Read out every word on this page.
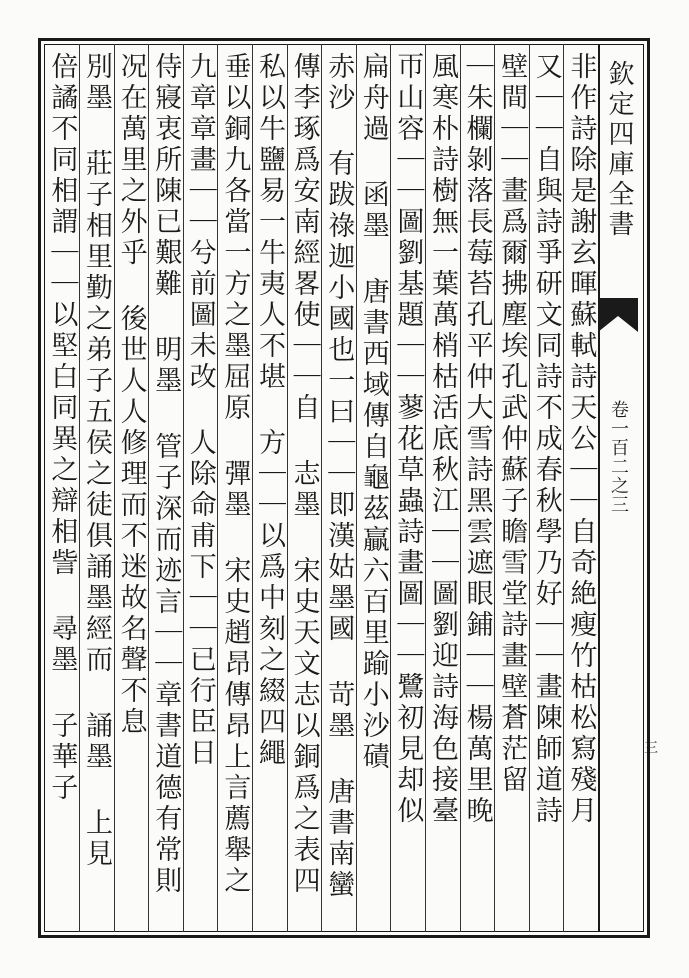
欽定四庫全書
卷一百二之三
三
非作詩除是謝玄暉蘇軾詩天公｜｜自奇絶瘦竹枯松寫殘月
又｜｜自與詩爭研文同詩不成春秋學乃好｜｜畫陳師道詩
壁間｜｜畫爲爾拂塵埃孔武仲蘇子瞻雪堂詩畫壁蒼茫留
｜朱欄剝落長莓苔孔平仲大雪詩黑雲遮眼鋪｜｜楊萬里晚
風寒朴詩樹無一葉萬梢枯活底秋江｜｜圖劉迎詩海色接臺
帀山容｜｜圖劉基題｜｜蓼花草蟲詩畫圖｜｜鷺初見却似
扁舟過 函墨 唐書西域傳自龜茲贏六百里踰小沙磧
赤沙 有跋祿迦小國也一曰｜｜即漢姑墨國 苛墨 唐書南蠻
傳李琢爲安南經畧使｜｜自 志墨 宋史天文志以銅爲之表四
私以牛鹽易一牛夷人不堪 方｜｜以爲中刻之綴四繩
垂以銅九各當一方之墨屈原 彈墨 宋史趙昂傳昂上言薦舉之
九章章畫｜｜兮前圖未改 人除命甫下｜｜已行臣日
侍寢衷所陳已艱難 明墨 管子深而迹言｜｜章書道德有常則
况在萬里之外乎 後世人人修理而不迷故名聲不息
別墨 莊子相里勤之弟子五侯之徒俱誦墨經而 誦墨 上見
倍譎不同相謂｜｜以堅白同異之辯相訾 尋墨 子華子
